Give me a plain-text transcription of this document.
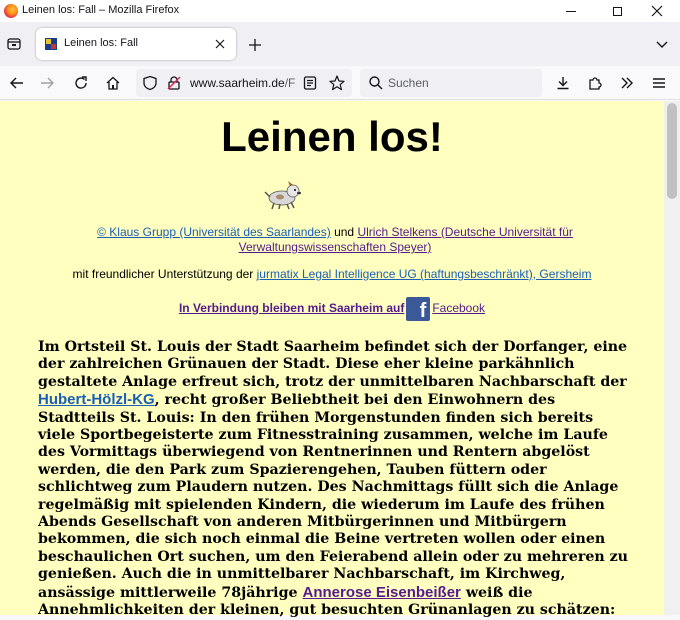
Leinen los: Fall – Mozilla Firefox
Leinen los: Fall
www.saarheim.de/F	Suchen
Leinen los!
© Klaus Grupp (Universität des Saarlandes) und Ulrich Stelkens (Deutsche Universität für Verwaltungswissenschaften Speyer)
mit freundlicher Unterstützung der jurmatix Legal Intelligence UG (haftungsbeschränkt), Gersheim
In Verbindung bleiben mit Saarheim auf f Facebook
Im Ortsteil St. Louis der Stadt Saarheim befindet sich der Dorfanger, eine der zahlreichen Grünauen der Stadt. Diese eher kleine parkähnlich gestaltete Anlage erfreut sich, trotz der unmittelbaren Nachbarschaft der Hubert-Hölzl-KG, recht großer Beliebtheit bei den Einwohnern des Stadtteils St. Louis: In den frühen Morgenstunden finden sich bereits viele Sportbegeisterte zum Fitnesstraining zusammen, welche im Laufe des Vormittags überwiegend von Rentnerinnen und Rentern abgelöst werden, die den Park zum Spazierengehen, Tauben füttern oder schlichtweg zum Plaudern nutzen. Des Nachmittags füllt sich die Anlage regelmäßig mit spielenden Kindern, die wiederum im Laufe des frühen Abends Gesellschaft von anderen Mitbürgerinnen und Mitbürgern bekommen, die sich noch einmal die Beine vertreten wollen oder einen beschaulichen Ort suchen, um den Feierabend allein oder zu mehreren zu genießen. Auch die in unmittelbarer Nachbarschaft, im Kirchweg, ansässige mittlerweile 78jährige Annerose Eisenbeißer weiß die Annehmlichkeiten der kleinen, gut besuchten Grünanlagen zu schätzen:
